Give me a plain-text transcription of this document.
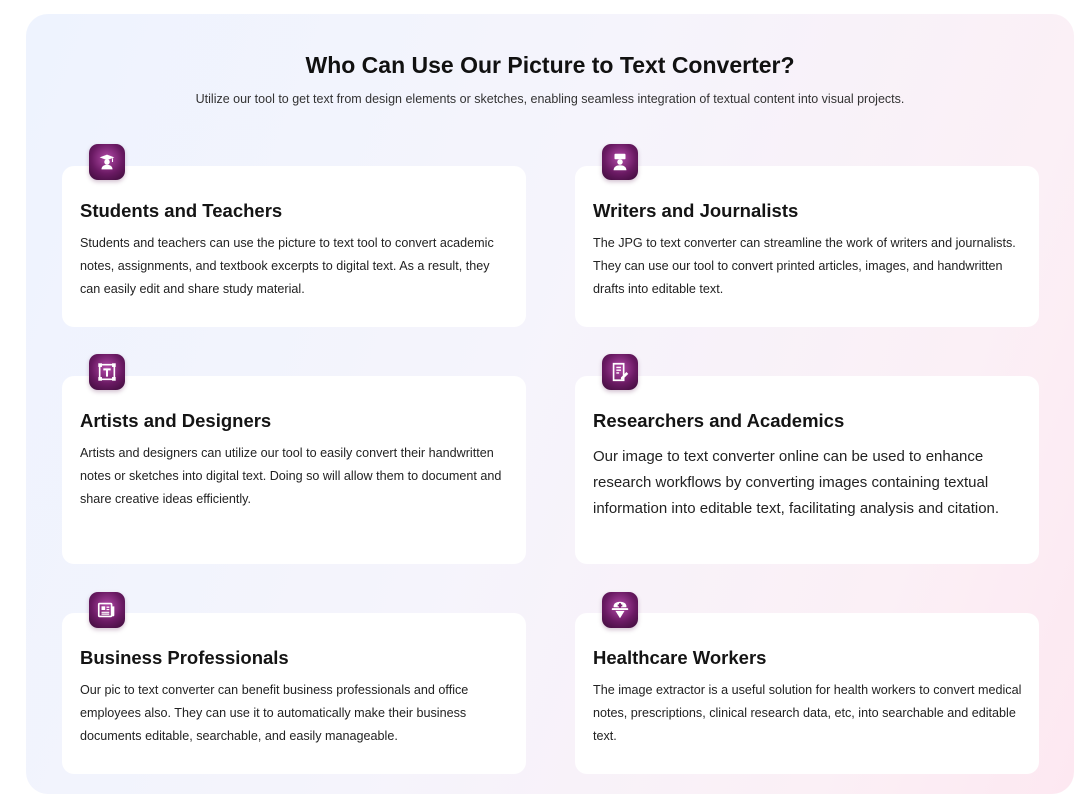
Who Can Use Our Picture to Text Converter?

Utilize our tool to get text from design elements or sketches, enabling seamless integration of textual content into visual projects.

Students and Teachers
Students and teachers can use the picture to text tool to convert academic notes, assignments, and textbook excerpts to digital text. As a result, they can easily edit and share study material.
Writers and Journalists
The JPG to text converter can streamline the work of writers and journalists. They can use our tool to convert printed articles, images, and handwritten drafts into editable text.
Artists and Designers
Artists and designers can utilize our tool to easily convert their handwritten notes or sketches into digital text. Doing so will allow them to document and share creative ideas efficiently.
Researchers and Academics
Our image to text converter online can be used to enhance research workflows by converting images containing textual information into editable text, facilitating analysis and citation.
Business Professionals
Our pic to text converter can benefit business professionals and office employees also. They can use it to automatically make their business documents editable, searchable, and easily manageable.
Healthcare Workers
The image extractor is a useful solution for health workers to convert medical notes, prescriptions, clinical research data, etc, into searchable and editable text.
